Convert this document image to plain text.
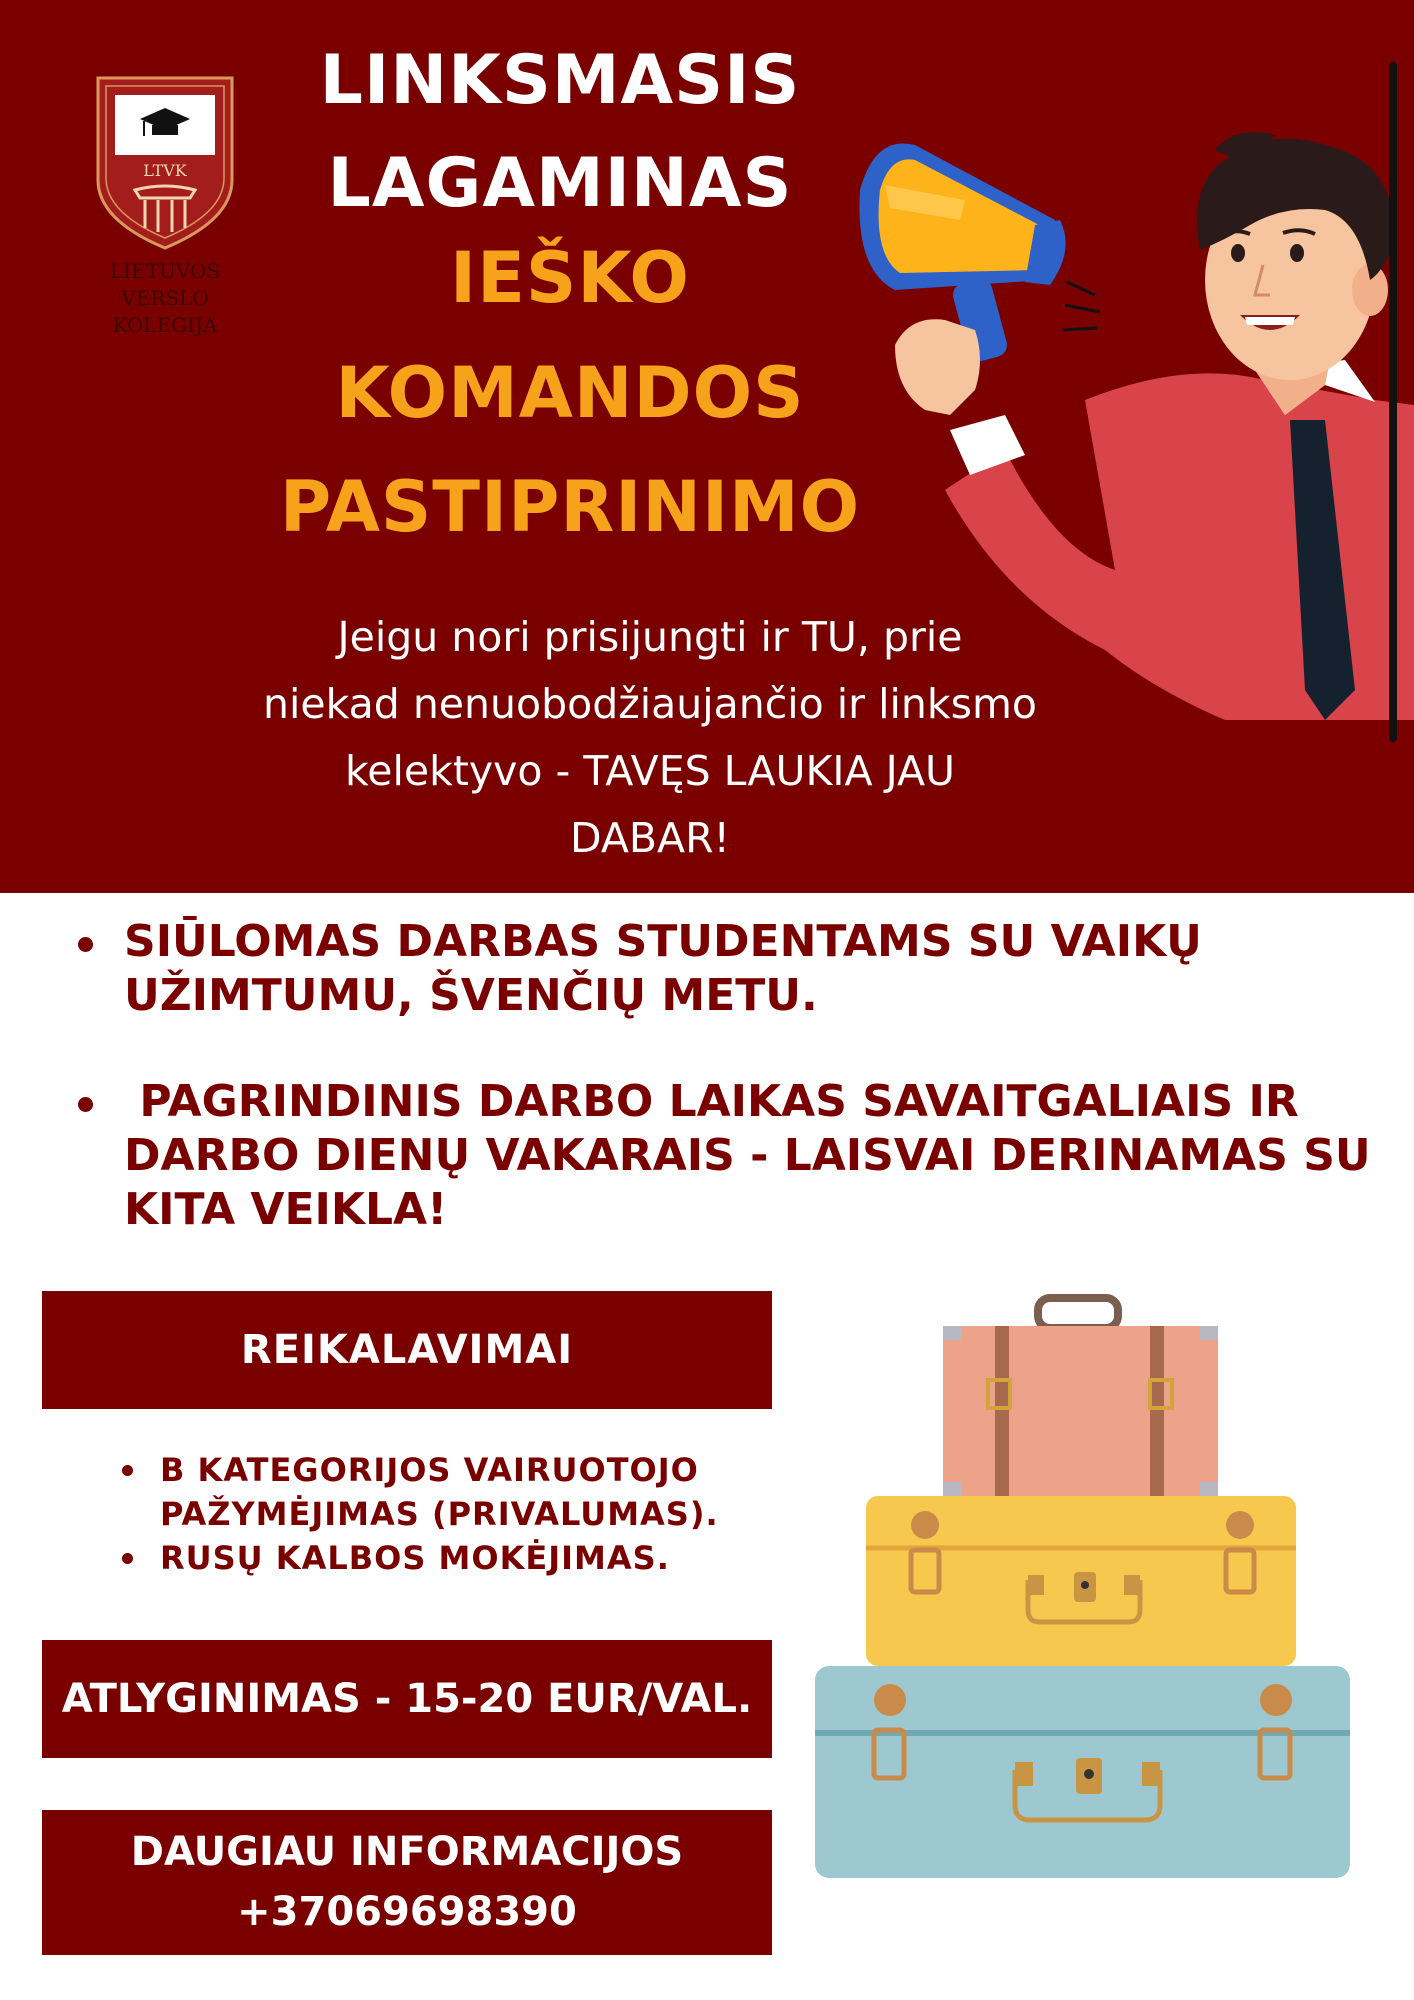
LTVK
LIETUVOS
VERSLO
KOLEGIJA
LINKSMASIS
LAGAMINAS
IEŠKO
KOMANDOS
PASTIPRINIMO
Jeigu nori prisijungti ir TU, prie
niekad nenuobodžiaujančio ir linksmo
kelektyvo - TAVĘS LAUKIA JAU
DABAR!
SIŪLOMAS DARBAS STUDENTAMS SU VAIKŲ
UŽIMTUMU, ŠVENČIŲ METU.
PAGRINDINIS DARBO LAIKAS SAVAITGALIAIS IR
DARBO DIENŲ VAKARAIS - LAISVAI DERINAMAS SU
KITA VEIKLA!
REIKALAVIMAI
B KATEGORIJOS VAIRUOTOJO
PAŽYMĖJIMAS (PRIVALUMAS).
RUSŲ KALBOS MOKĖJIMAS.
ATLYGINIMAS - 15-20 EUR/VAL.
DAUGIAU INFORMACIJOS
+37069698390
